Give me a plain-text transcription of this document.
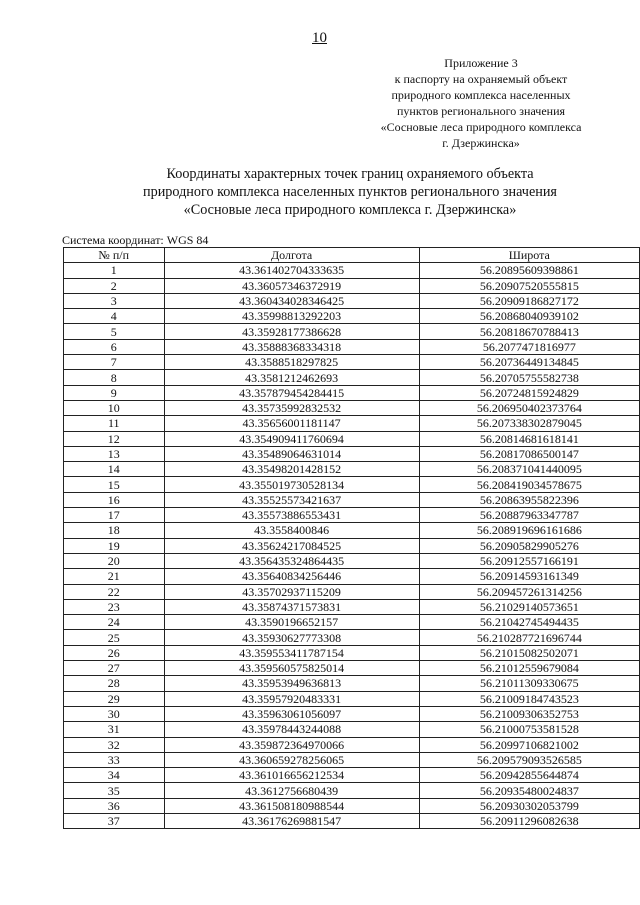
10
Приложение 3
к паспорту на охраняемый объект
природного комплекса населенных
пунктов регионального значения
«Сосновые леса природного комплекса
г. Дзержинска»
Координаты характерных точек границ охраняемого объекта
природного комплекса населенных пунктов регионального значения
«Сосновые леса природного комплекса г. Дзержинска»
Система координат: WGS 84
№ п/п	Долгота	Широта
1	43.361402704333635	56.20895609398861
2	43.36057346372919	56.20907520555815
3	43.360434028346425	56.20909186827172
4	43.35998813292203	56.20868040939102
5	43.35928177386628	56.20818670788413
6	43.35888368334318	56.2077471816977
7	43.3588518297825	56.20736449134845
8	43.3581212462693	56.20705755582738
9	43.357879454284415	56.20724815924829
10	43.35735992832532	56.206950402373764
11	43.35656001181147	56.207338302879045
12	43.354909411760694	56.20814681618141
13	43.35489064631014	56.20817086500147
14	43.35498201428152	56.208371041440095
15	43.355019730528134	56.208419034578675
16	43.35525573421637	56.20863955822396
17	43.35573886553431	56.20887963347787
18	43.35584008​46	56.208919696161686
19	43.35624217084525	56.20905829905276
20	43.356435324864435	56.20912557166191
21	43.35640834256446	56.20914593161349
22	43.35702937115209	56.209457261314256
23	43.35874371573831	56.21029140573651
24	43.3590196652157	56.21042745494435
25	43.35930627773308	56.210287721696744
26	43.359553411787154	56.21015082502071
27	43.359560575825014	56.21012559679084
28	43.35953949636813	56.21011309330675
29	43.35957920483331	56.21009184743523
30	43.35963061056097	56.21009306352753
31	43.35978443244088	56.21000753581528
32	43.359872364970066	56.20997106821002
33	43.360659278256065	56.209579093526585
34	43.361016656212534	56.20942855644874
35	43.3612756680439	56.20935480024837
36	43.361508180988544	56.20930302053799
37	43.36176269881547	56.20911296082638
